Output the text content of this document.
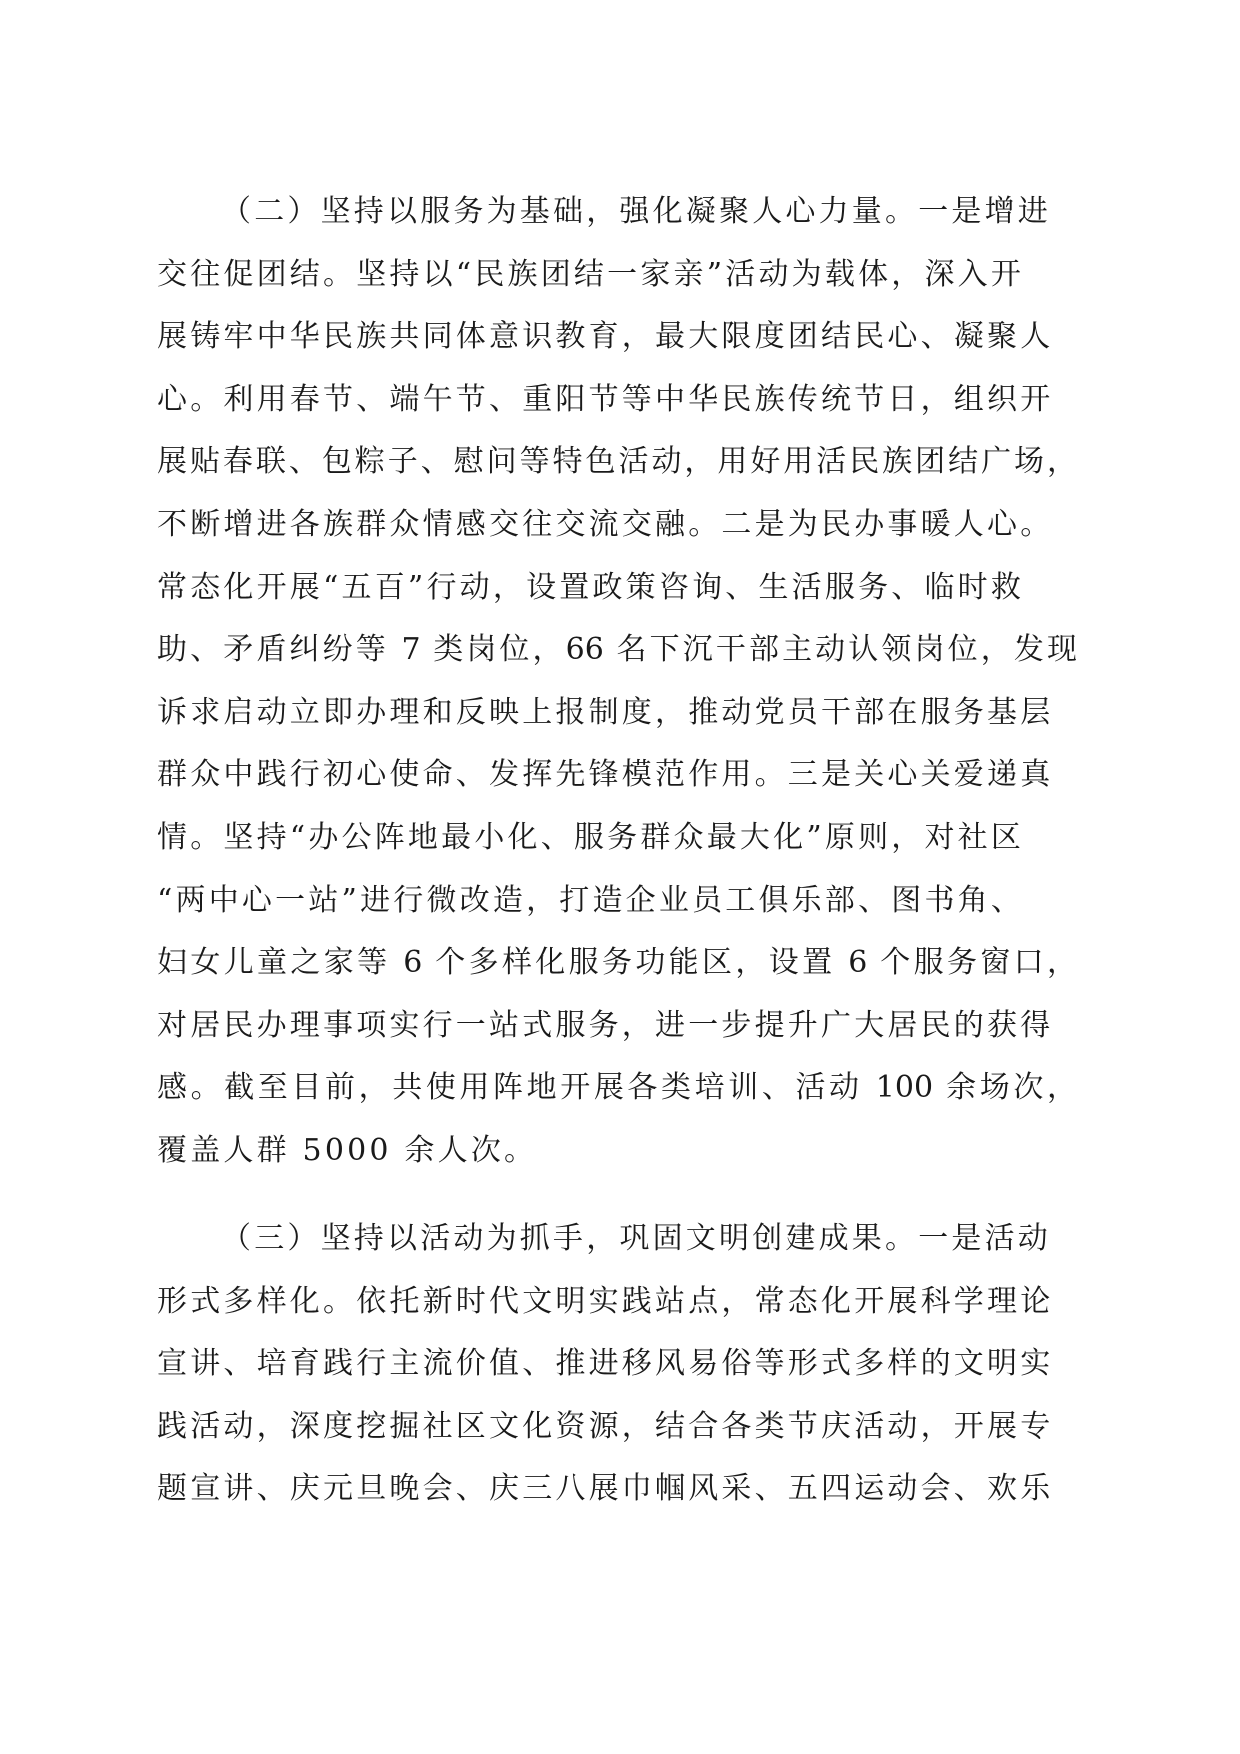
（二）坚持以服务为基础，强化凝聚人心力量。一是增进
交往促团结。坚持以“民族团结一家亲”活动为载体，深入开
展铸牢中华民族共同体意识教育，最大限度团结民心、凝聚人
心。利用春节、端午节、重阳节等中华民族传统节日，组织开
展贴春联、包粽子、慰问等特色活动，用好用活民族团结广场，
不断增进各族群众情感交往交流交融。二是为民办事暖人心。
常态化开展“五百”行动，设置政策咨询、生活服务、临时救
助、矛盾纠纷等 7 类岗位，66 名下沉干部主动认领岗位，发现
诉求启动立即办理和反映上报制度，推动党员干部在服务基层
群众中践行初心使命、发挥先锋模范作用。三是关心关爱递真
情。坚持“办公阵地最小化、服务群众最大化”原则，对社区
“两中心一站”进行微改造，打造企业员工俱乐部、图书角、
妇女儿童之家等 6 个多样化服务功能区，设置 6 个服务窗口，
对居民办理事项实行一站式服务，进一步提升广大居民的获得
感。截至目前，共使用阵地开展各类培训、活动 100 余场次，
覆盖人群 5000 余人次。
（三）坚持以活动为抓手，巩固文明创建成果。一是活动
形式多样化。依托新时代文明实践站点，常态化开展科学理论
宣讲、培育践行主流价值、推进移风易俗等形式多样的文明实
践活动，深度挖掘社区文化资源，结合各类节庆活动，开展专
题宣讲、庆元旦晚会、庆三八展巾帼风采、五四运动会、欢乐
